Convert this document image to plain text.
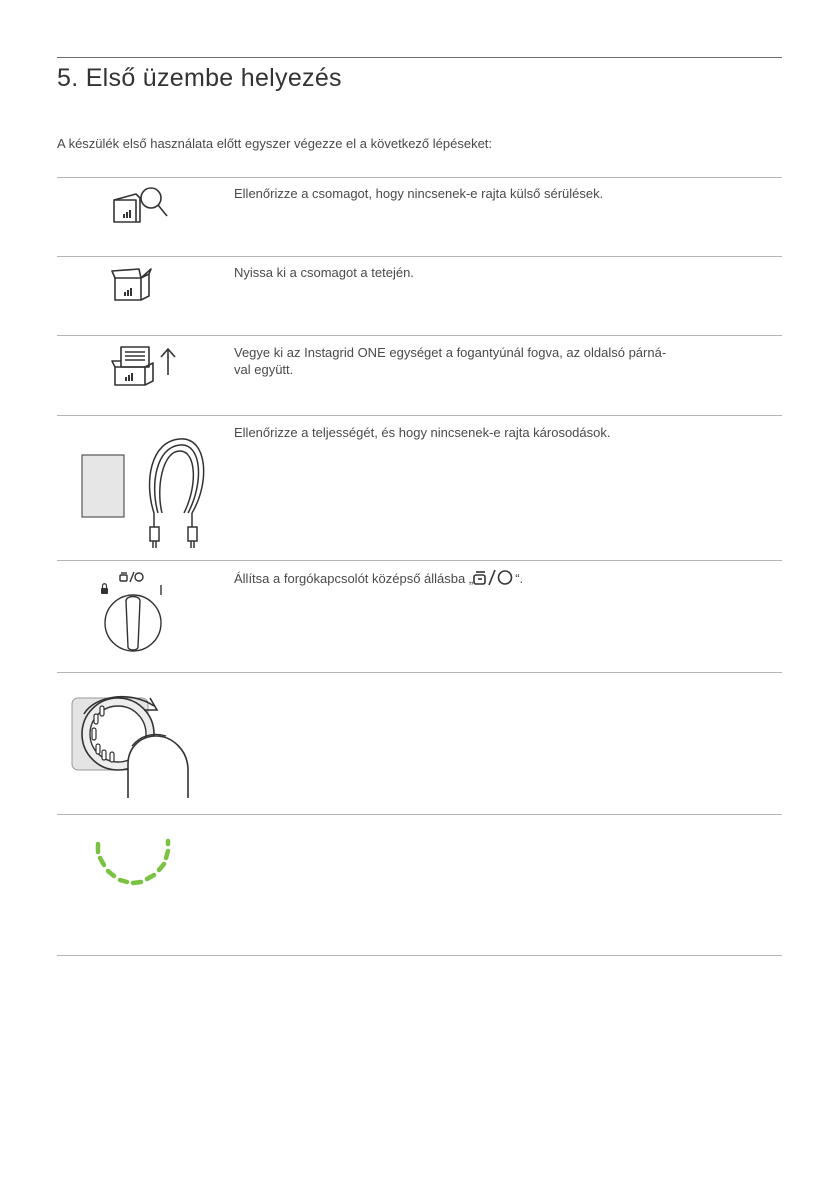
5. Első üzembe helyezés
A készülék első használata előtt egyszer végezze el a következő lépéseket:
Ellenőrizze a csomagot, hogy nincsenek-e rajta külső sérülések.
Nyissa ki a csomagot a tetején.
Vegye ki az Instagrid ONE egységet a fogantyúnál fogva, az oldalsó párná-
val együtt.
Ellenőrizze a teljességét, és hogy nincsenek-e rajta károsodások.
Állítsa a forgókapcsolót középső állásba „	“.
